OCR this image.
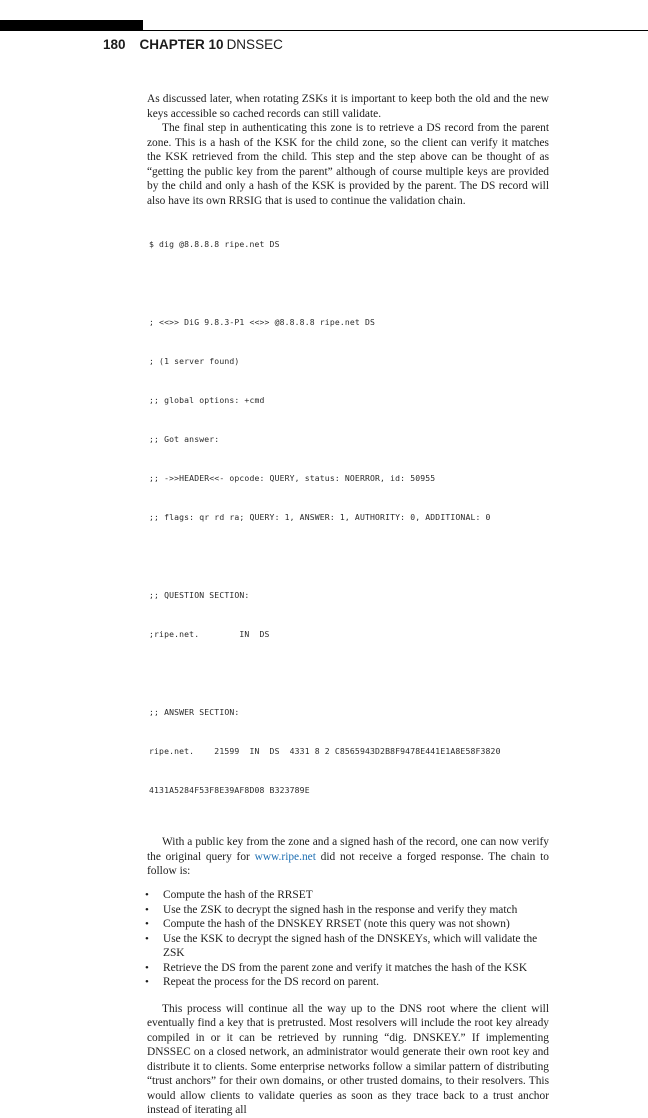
180 CHAPTER 10 DNSSEC

As discussed later, when rotating ZSKs it is important to keep both the old and the new keys accessible so cached records can still validate.

The final step in authenticating this zone is to retrieve a DS record from the parent zone. This is a hash of the KSK for the child zone, so the client can verify it matches the KSK retrieved from the child. This step and the step above can be thought of as “getting the public key from the parent” although of course multiple keys are provided by the child and only a hash of the KSK is provided by the parent. The DS record will also have its own RRSIG that is used to continue the validation chain.

$ dig @8.8.8.8 ripe.net DS

; <<>> DiG 9.8.3-P1 <<>> @8.8.8.8 ripe.net DS

; (1 server found)

;; global options: +cmd

;; Got answer:

;; ->>HEADER<<- opcode: QUERY, status: NOERROR, id: 50955

;; flags: qr rd ra; QUERY: 1, ANSWER: 1, AUTHORITY: 0, ADDITIONAL: 0

;; QUESTION SECTION:

;ripe.net.        IN  DS

;; ANSWER SECTION:

ripe.net.    21599  IN  DS  4331 8 2 C8565943D2B8F9478E441E1A8E58F3820

4131A5284F53F8E39AF8D08 B323789E

With a public key from the zone and a signed hash of the record, one can now verify the original query for www.ripe.net did not receive a forged response. The chain to follow is:

• Compute the hash of the RRSET
• Use the ZSK to decrypt the signed hash in the response and verify they match
• Compute the hash of the DNSKEY RRSET (note this query was not shown)
• Use the KSK to decrypt the signed hash of the DNSKEYs, which will validate the ZSK
• Retrieve the DS from the parent zone and verify it matches the hash of the KSK
• Repeat the process for the DS record on parent.

This process will continue all the way up to the DNS root where the client will eventually find a key that is pretrusted. Most resolvers will include the root key already compiled in or it can be retrieved by running “dig. DNSKEY.” If implementing DNSSEC on a closed network, an administrator would generate their own root key and distribute it to clients. Some enterprise networks follow a similar pattern of distributing “trust anchors” for their own domains, or other trusted domains, to their resolvers. This would allow clients to validate queries as soon as they trace back to a trust anchor instead of iterating all
